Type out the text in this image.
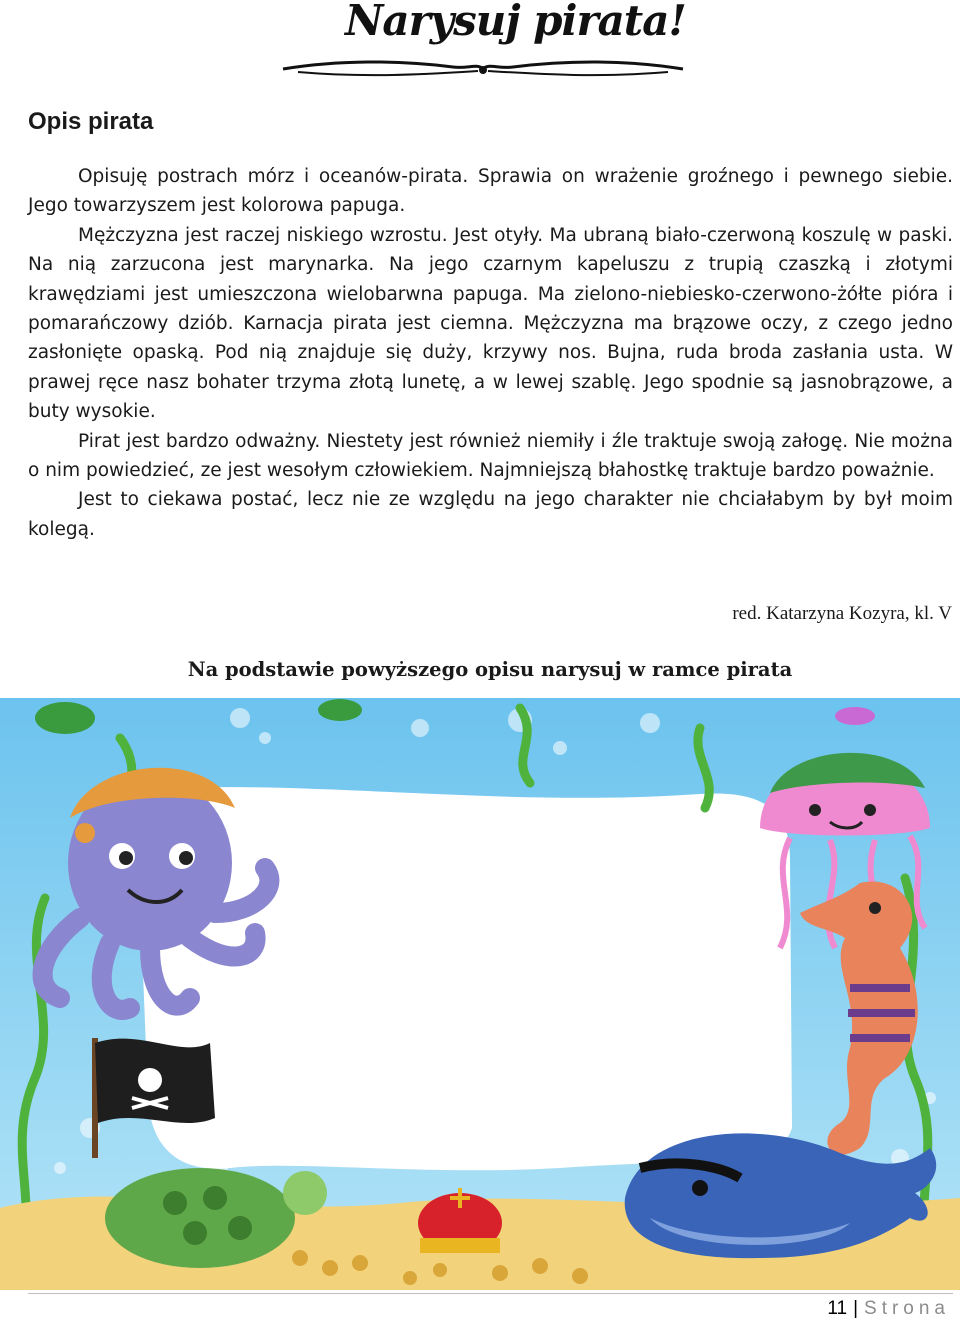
Narysuj pirata!
Opis pirata

Opisuję postrach mórz i oceanów-pirata. Sprawia on wrażenie groźnego i pewnego siebie. Jego towarzyszem jest kolorowa papuga.

Mężczyzna jest raczej niskiego wzrostu. Jest otyły. Ma ubraną biało-czerwoną koszulę w paski. Na nią zarzucona jest marynarka. Na jego czarnym kapeluszu z trupią czaszką i złotymi krawędziami jest umieszczona wielobarwna papuga. Ma zielono-niebiesko-czerwono-żółte pióra i pomarańczowy dziób. Karnacja pirata jest ciemna. Mężczyzna ma brązowe oczy, z czego jedno zasłonięte opaską. Pod nią znajduje się duży, krzywy nos. Bujna, ruda broda zasłania usta. W prawej ręce nasz bohater trzyma złotą lunetę, a w lewej szablę. Jego spodnie są jasnobrązowe, a buty wysokie.

Pirat jest bardzo odważny. Niestety jest również niemiły i źle traktuje swoją załogę. Nie można o nim powiedzieć, ze jest wesołym człowiekiem. Najmniejszą błahostkę traktuje bardzo poważnie.

Jest to ciekawa postać, lecz nie ze względu na jego charakter nie chciałabym by był moim kolegą.

red. Katarzyna Kozyra, kl. V
Na podstawie powyższego opisu narysuj w ramce pirata
11 | Strona
